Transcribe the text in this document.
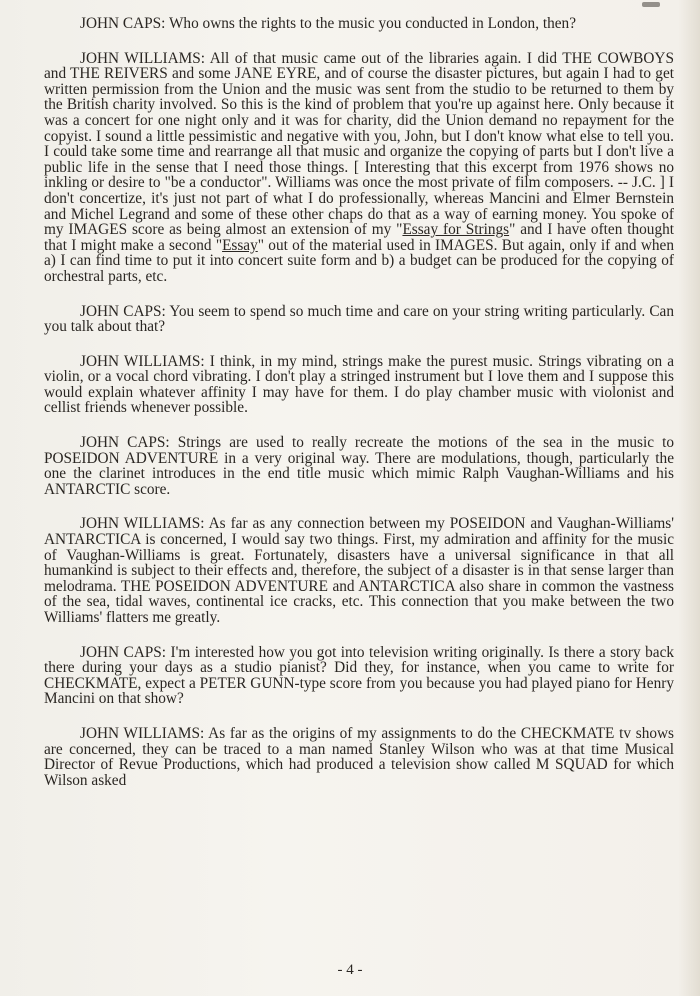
JOHN CAPS: Who owns the rights to the music you conducted in London, then?

JOHN WILLIAMS: All of that music came out of the libraries again. I did THE COWBOYS and THE REIVERS and some JANE EYRE, and of course the disaster pictures, but again I had to get written permission from the Union and the music was sent from the studio to be returned to them by the British charity involved. So this is the kind of problem that you're up against here. Only because it was a concert for one night only and it was for charity, did the Union demand no repayment for the copyist. I sound a little pessimistic and negative with you, John, but I don't know what else to tell you. I could take some time and rearrange all that music and organize the copying of parts but I don't live a public life in the sense that I need those things. [ Interesting that this excerpt from 1976 shows no inkling or desire to "be a conductor". Williams was once the most private of film composers. -- J.C. ] I don't concertize, it's just not part of what I do professionally, whereas Mancini and Elmer Bernstein and Michel Legrand and some of these other chaps do that as a way of earning money. You spoke of my IMAGES score as being almost an extension of my "Essay for Strings" and I have often thought that I might make a second "Essay" out of the material used in IMAGES. But again, only if and when a) I can find time to put it into concert suite form and b) a budget can be produced for the copying of orchestral parts, etc.

JOHN CAPS: You seem to spend so much time and care on your string writing particularly. Can you talk about that?

JOHN WILLIAMS: I think, in my mind, strings make the purest music. Strings vibrating on a violin, or a vocal chord vibrating. I don't play a stringed instrument but I love them and I suppose this would explain whatever affinity I may have for them. I do play chamber music with violonist and cellist friends whenever possible.

JOHN CAPS: Strings are used to really recreate the motions of the sea in the music to POSEIDON ADVENTURE in a very original way. There are modulations, though, particularly the one the clarinet introduces in the end title music which mimic Ralph Vaughan-Williams and his ANTARCTIC score.

JOHN WILLIAMS: As far as any connection between my POSEIDON and Vaughan-Williams' ANTARCTICA is concerned, I would say two things. First, my admiration and affinity for the music of Vaughan-Williams is great. Fortunately, disasters have a universal significance in that all humankind is subject to their effects and, therefore, the subject of a disaster is in that sense larger than melodrama. THE POSEIDON ADVENTURE and ANTARCTICA also share in common the vastness of the sea, tidal waves, continental ice cracks, etc. This connection that you make between the two Williams' flatters me greatly.

JOHN CAPS: I'm interested how you got into television writing originally. Is there a story back there during your days as a studio pianist? Did they, for instance, when you came to write for CHECKMATE, expect a PETER GUNN-type score from you because you had played piano for Henry Mancini on that show?

JOHN WILLIAMS: As far as the origins of my assignments to do the CHECKMATE tv shows are concerned, they can be traced to a man named Stanley Wilson who was at that time Musical Director of Revue Productions, which had produced a television show called M SQUAD for which Wilson asked

- 4 -
